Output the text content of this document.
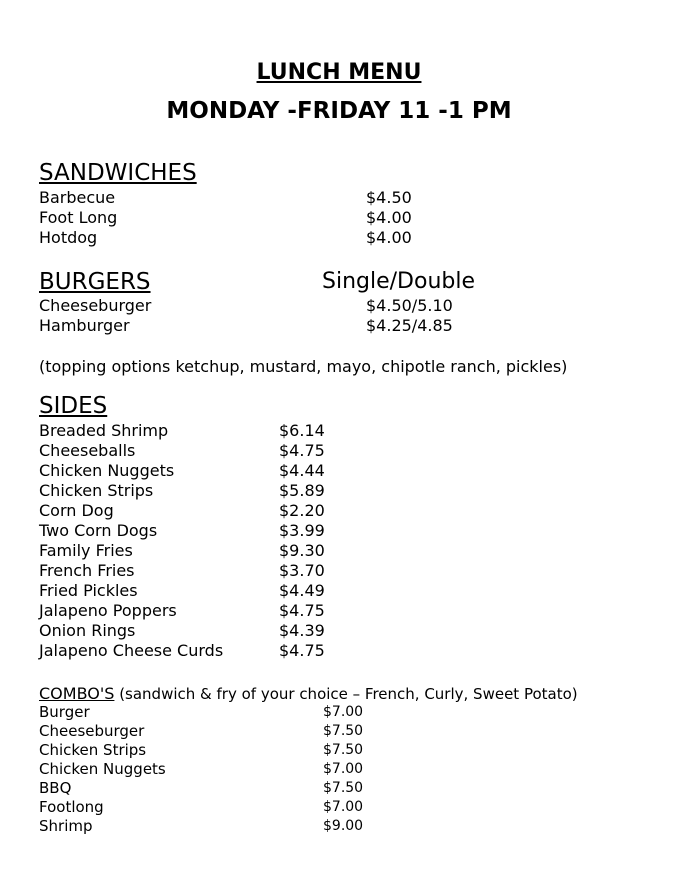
LUNCH MENU
MONDAY -FRIDAY 11 -1 PM
SANDWICHES
Barbecue	$4.50
Foot Long	$4.00
Hotdog	$4.00
BURGERS	Single/Double
Cheeseburger	$4.50/5.10
Hamburger	$4.25/4.85
(topping options ketchup, mustard, mayo, chipotle ranch, pickles)
SIDES
Breaded Shrimp	$6.14
Cheeseballs	$4.75
Chicken Nuggets	$4.44
Chicken Strips	$5.89
Corn Dog	$2.20
Two Corn Dogs	$3.99
Family Fries	$9.30
French Fries	$3.70
Fried Pickles	$4.49
Jalapeno Poppers	$4.75
Onion Rings	$4.39
Jalapeno Cheese Curds	$4.75
COMBO'S (sandwich & fry of your choice – French, Curly, Sweet Potato)
Burger	$7.00
Cheeseburger	$7.50
Chicken Strips	$7.50
Chicken Nuggets	$7.00
BBQ	$7.50
Footlong	$7.00
Shrimp	$9.00
